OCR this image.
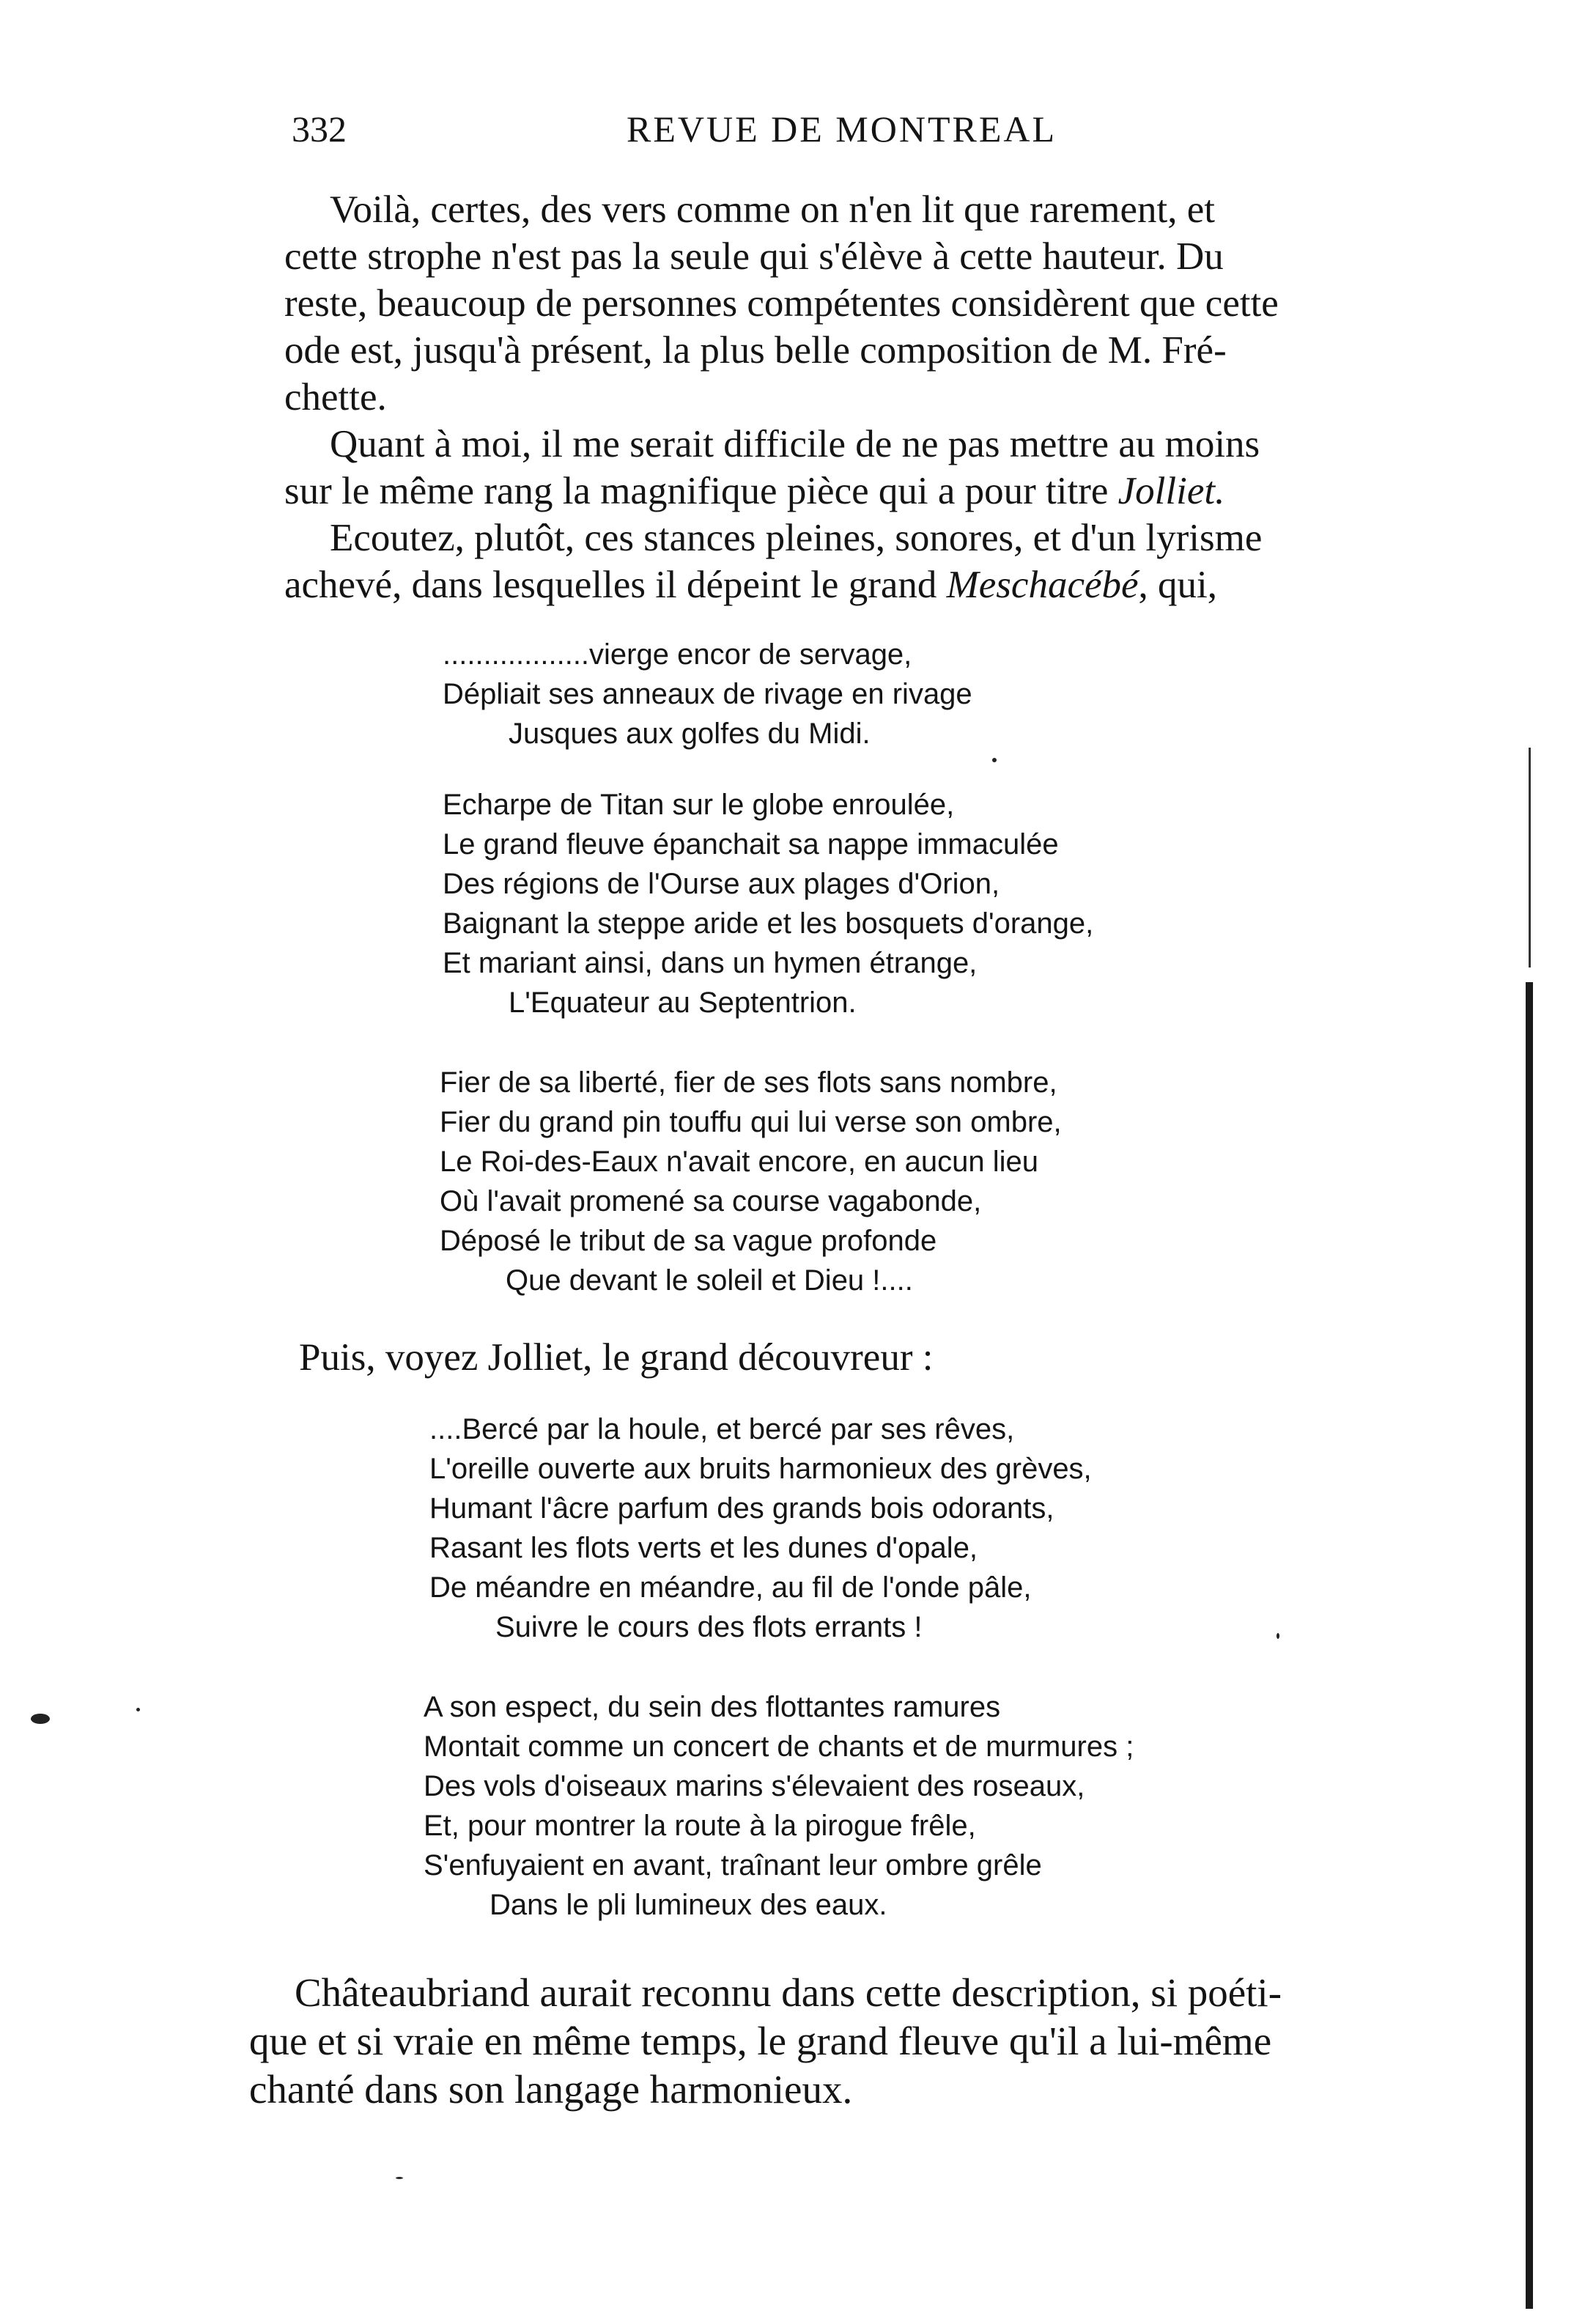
332	REVUE DE MONTREAL
Voilà, certes, des vers comme on n'en lit que rarement, et
cette strophe n'est pas la seule qui s'élève à cette hauteur. Du
reste, beaucoup de personnes compétentes considèrent que cette
ode est, jusqu'à présent, la plus belle composition de M. Fré-
chette.
Quant à moi, il me serait difficile de ne pas mettre au moins
sur le même rang la magnifique pièce qui a pour titre Jolliet.
Ecoutez, plutôt, ces stances pleines, sonores, et d'un lyrisme
achevé, dans lesquelles il dépeint le grand Meschacébé, qui,
..................vierge encor de servage,
Dépliait ses anneaux de rivage en rivage
Jusques aux golfes du Midi.
Echarpe de Titan sur le globe enroulée,
Le grand fleuve épanchait sa nappe immaculée
Des régions de l'Ourse aux plages d'Orion,
Baignant la steppe aride et les bosquets d'orange,
Et mariant ainsi, dans un hymen étrange,
L'Equateur au Septentrion.
Fier de sa liberté, fier de ses flots sans nombre,
Fier du grand pin touffu qui lui verse son ombre,
Le Roi-des-Eaux n'avait encore, en aucun lieu
Où l'avait promené sa course vagabonde,
Déposé le tribut de sa vague profonde
Que devant le soleil et Dieu !....
Puis, voyez Jolliet, le grand découvreur :
....Bercé par la houle, et bercé par ses rêves,
L'oreille ouverte aux bruits harmonieux des grèves,
Humant l'âcre parfum des grands bois odorants,
Rasant les flots verts et les dunes d'opale,
De méandre en méandre, au fil de l'onde pâle,
Suivre le cours des flots errants !
A son espect, du sein des flottantes ramures
Montait comme un concert de chants et de murmures ;
Des vols d'oiseaux marins s'élevaient des roseaux,
Et, pour montrer la route à la pirogue frêle,
S'enfuyaient en avant, traînant leur ombre grêle
Dans le pli lumineux des eaux.
Châteaubriand aurait reconnu dans cette description, si poéti-
que et si vraie en même temps, le grand fleuve qu'il a lui-même
chanté dans son langage harmonieux.
